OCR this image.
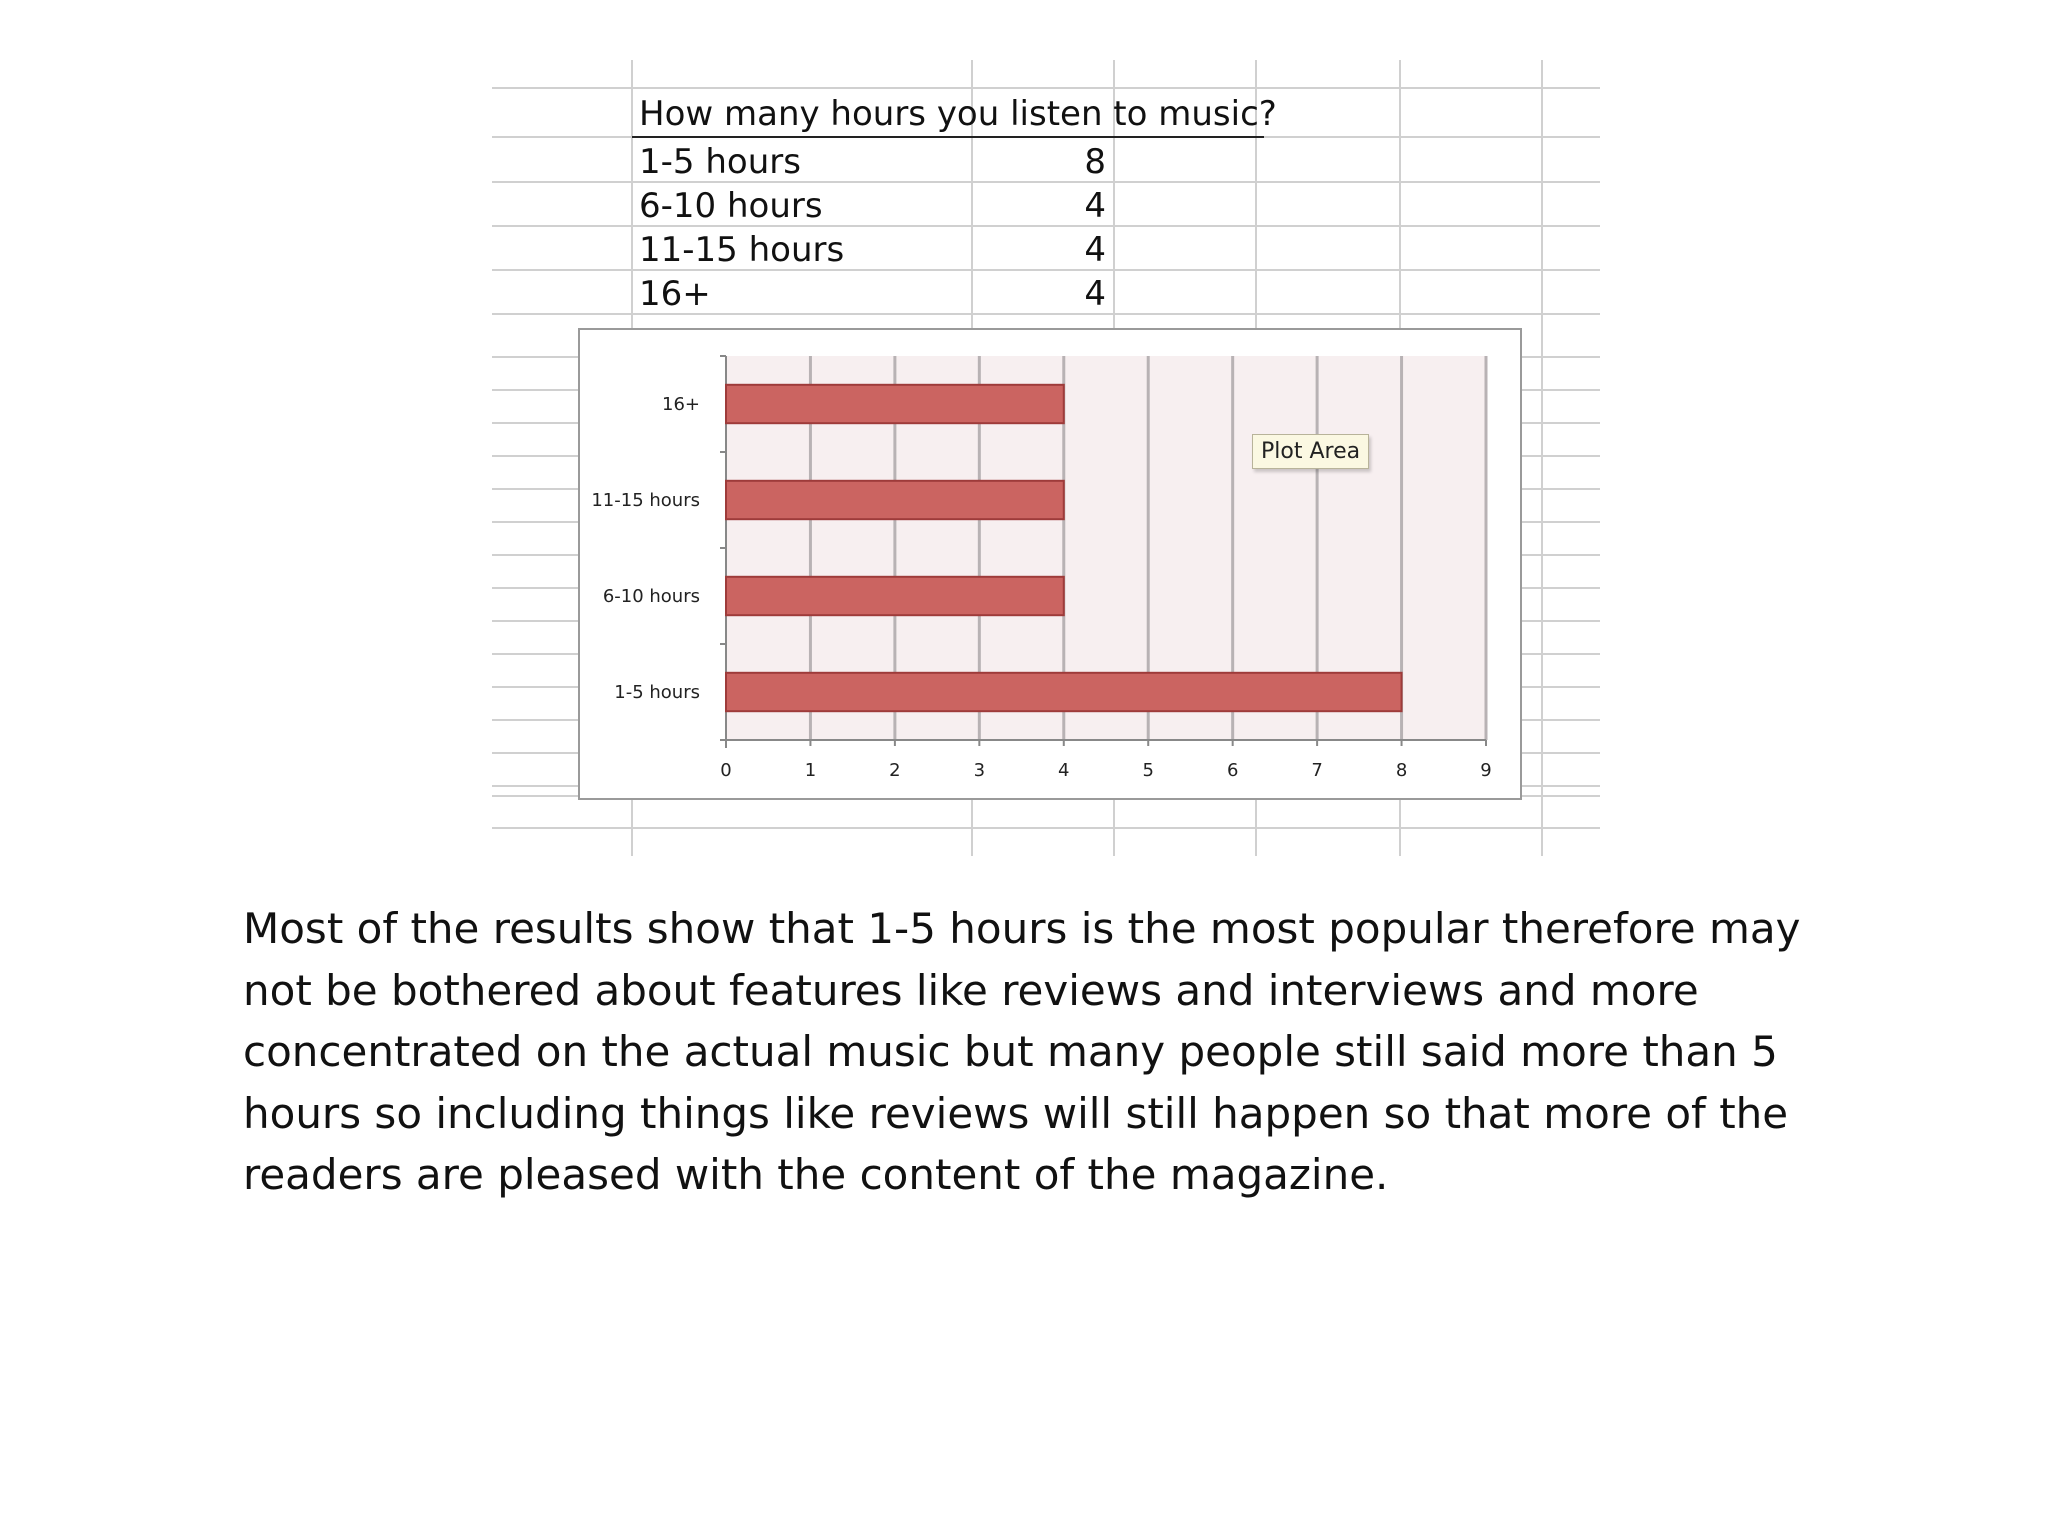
How many hours you listen to music?
1-5 hours	8
6-10 hours	4
11-15 hours	4
16+	4
1-5 hours
6-10 hours
11-15 hours
16+
0	1	2	3	4	5	6	7	8	9
Plot Area
Most of the results show that 1-5 hours is the most popular therefore may not be bothered about features like reviews and interviews and more concentrated on the actual music but many people still said more than 5 hours so including things like reviews will still happen so that more of the readers are pleased with the content of the magazine.
